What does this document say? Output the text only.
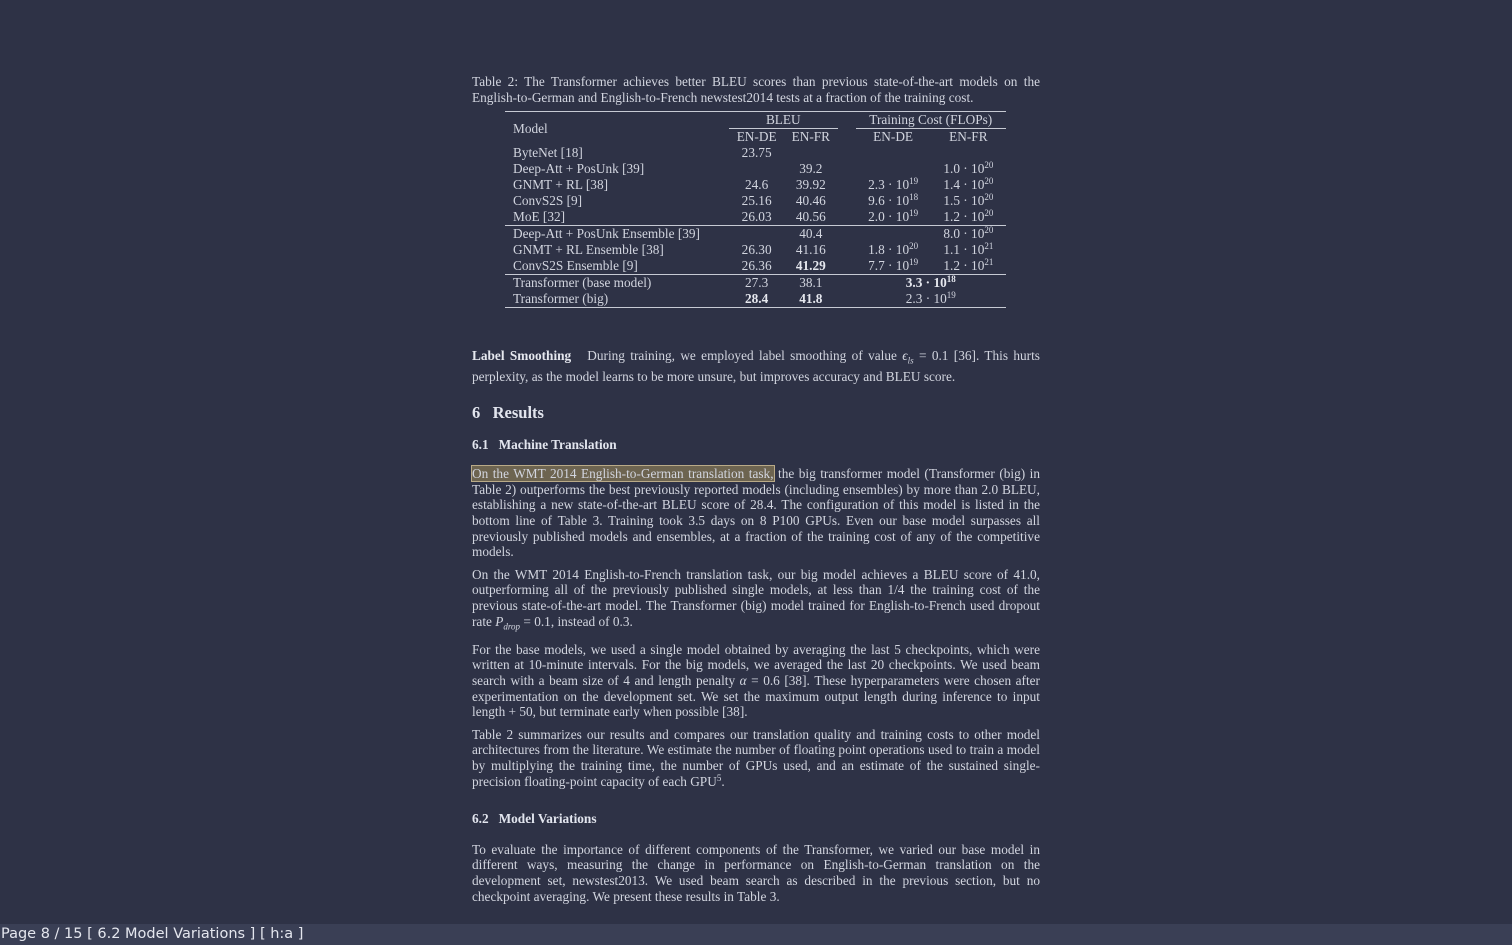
Table 2: The Transformer achieves better BLEU scores than previous state-of-the-art models on the English-to-German and English-to-French newstest2014 tests at a fraction of the training cost.

Model	BLEU			Training Cost (FLOPs)	
	EN-DE	EN-FR		EN-DE	EN-FR
ByteNet [18]	23.75				
Deep-Att + PosUnk [39]		39.2			$1.0 \cdot 10^{20}$
GNMT + RL [38]	24.6	39.92		$2.3 \cdot 10^{19}$	$1.4 \cdot 10^{20}$
ConvS2S [9]	25.16	40.46		$9.6 \cdot 10^{18}$	$1.5 \cdot 10^{20}$
MoE [32]	26.03	40.56		$2.0 \cdot 10^{19}$	$1.2 \cdot 10^{20}$
Deep-Att + PosUnk Ensemble [39]		40.4			$8.0 \cdot 10^{20}$
GNMT + RL Ensemble [38]	26.30	41.16		$1.8 \cdot 10^{20}$	$1.1 \cdot 10^{21}$
ConvS2S Ensemble [9]	26.36	41.29		$7.7 \cdot 10^{19}$	$1.2 \cdot 10^{21}$
Transformer (base model)	27.3	38.1		$3.3 \cdot 10^{18}$
Transformer (big)	28.4	41.8		$2.3 \cdot 10^{19}$

Label Smoothing During training, we employed label smoothing of value $\epsilon_{ls} = 0.1$ [36]. This hurts perplexity, as the model learns to be more unsure, but improves accuracy and BLEU score.

6 Results
6.1 Machine Translation

On the WMT 2014 English-to-German translation task, the big transformer model (Transformer (big) in Table 2) outperforms the best previously reported models (including ensembles) by more than 2.0 BLEU, establishing a new state-of-the-art BLEU score of 28.4. The configuration of this model is listed in the bottom line of Table 3. Training took 3.5 days on 8 P100 GPUs. Even our base model surpasses all previously published models and ensembles, at a fraction of the training cost of any of the competitive models.

On the WMT 2014 English-to-French translation task, our big model achieves a BLEU score of 41.0, outperforming all of the previously published single models, at less than 1/4 the training cost of the previous state-of-the-art model. The Transformer (big) model trained for English-to-French used dropout rate $P_{drop} = 0.1$, instead of 0.3.

For the base models, we used a single model obtained by averaging the last 5 checkpoints, which were written at 10-minute intervals. For the big models, we averaged the last 20 checkpoints. We used beam search with a beam size of 4 and length penalty α = 0.6 [38]. These hyperparameters were chosen after experimentation on the development set. We set the maximum output length during inference to input length + 50, but terminate early when possible [38].

Table 2 summarizes our results and compares our translation quality and training costs to other model architectures from the literature. We estimate the number of floating point operations used to train a model by multiplying the training time, the number of GPUs used, and an estimate of the sustained single-precision floating-point capacity of each GPU$^5$.

6.2 Model Variations

To evaluate the importance of different components of the Transformer, we varied our base model in different ways, measuring the change in performance on English-to-German translation on the development set, newstest2013. We used beam search as described in the previous section, but no checkpoint averaging. We present these results in Table 3.

Page 8 / 15 [ 6.2 Model Variations ] [ h:a ]
